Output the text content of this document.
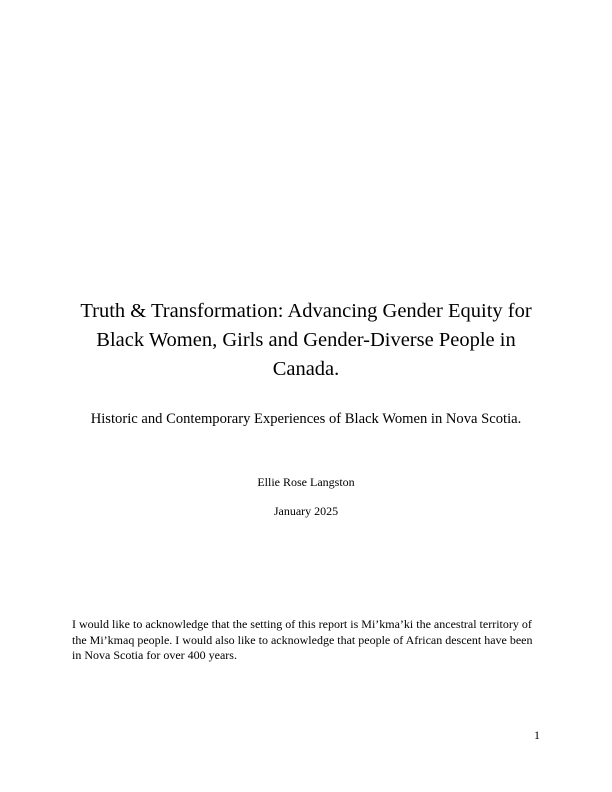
Truth & Transformation: Advancing Gender Equity for Black Women, Girls and Gender-Diverse People in Canada.

Historic and Contemporary Experiences of Black Women in Nova Scotia.

Ellie Rose Langston
January 2025

I would like to acknowledge that the setting of this report is Mi’kma’ki the ancestral territory of the Mi’kmaq people. I would also like to acknowledge that people of African descent have been in Nova Scotia for over 400 years.

1
